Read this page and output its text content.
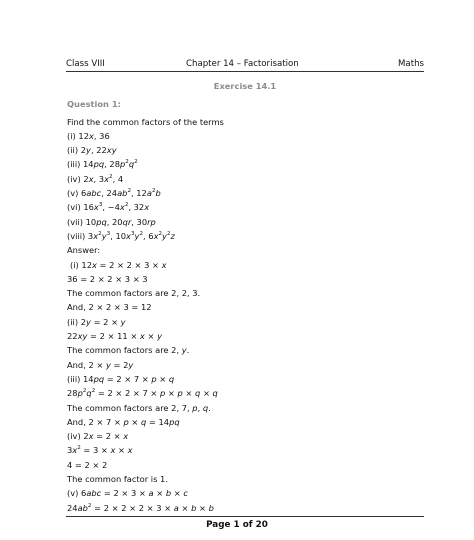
Class VIII	Chapter 14 – Factorisation	Maths
Exercise 14.1
Question 1:
Find the common factors of the terms
(i) 12x, 36
(ii) 2y, 22xy
(iii) 14pq, $28p^2q^2$
(iv) 2x, $3x^2$, 4
(v) 6abc, $24ab^2$, $12a^2b$
(vi) $16x^3$, $-4x^2$, 32x
(vii) 10pq, 20qr, 30rp
(viii) $3x^2y^3$, $10x^3y^2$, $6x^2y^2z$
Answer:
(i) 12x = 2 × 2 × 3 × x
36 = 2 × 2 × 3 × 3
The common factors are 2, 2, 3.
And, 2 × 2 × 3 = 12
(ii) 2y = 2 × y
22xy = 2 × 11 × x × y
The common factors are 2, y.
And, 2 × y = 2y
(iii) 14pq = 2 × 7 × p × q
$28p^2q^2 = 2 \times 2 \times 7 \times p \times p \times q \times q$
The common factors are 2, 7, p, q.
And, 2 × 7 × p × q = 14pq
(iv) 2x = 2 × x
$3x^2 = 3 \times x \times x$
4 = 2 × 2
The common factor is 1.
(v) 6abc = 2 × 3 × a × b × c
$24ab^2 = 2 \times 2 \times 2 \times 3 \times a \times b \times b$
Page 1 of 20
